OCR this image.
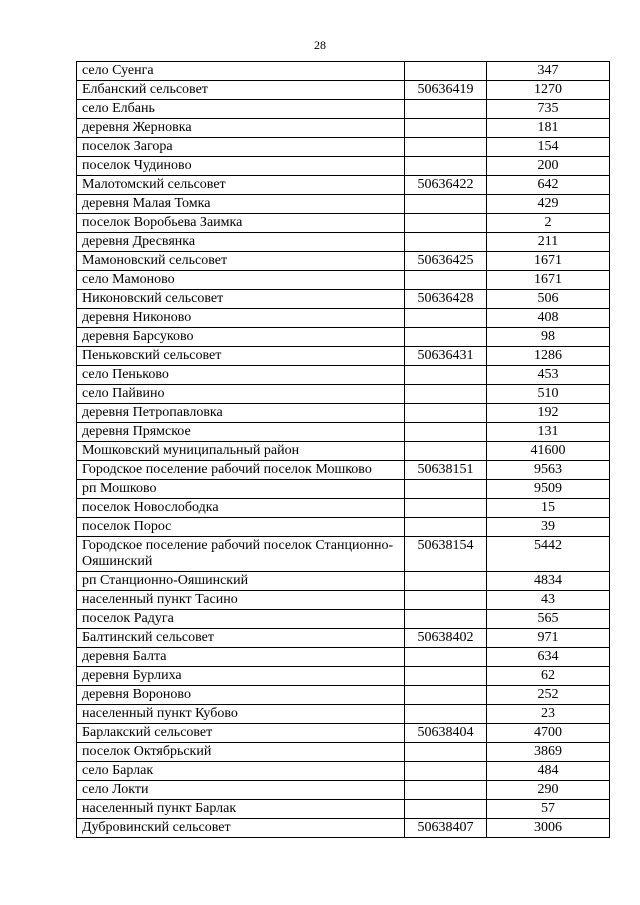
28
село Суенга		347
Елбанский сельсовет	50636419	1270
село Елбань		735
деревня Жерновка		181
поселок Загора		154
поселок Чудиново		200
Малотомский сельсовет	50636422	642
деревня Малая Томка		429
поселок Воробьева Заимка		2
деревня Дресвянка		211
Мамоновский сельсовет	50636425	1671
село Мамоново		1671
Никоновский сельсовет	50636428	506
деревня Никоново		408
деревня Барсуково		98
Пеньковский сельсовет	50636431	1286
село Пеньково		453
село Пайвино		510
деревня Петропавловка		192
деревня Прямское		131
Мошковский муниципальный район		41600
Городское поселение рабочий поселок Мошково	50638151	9563
рп Мошково		9509
поселок Новослободка		15
поселок Порос		39
Городское поселение рабочий поселок Станционно-Ояшинский	50638154	5442
рп Станционно-Ояшинский		4834
населенный пункт Тасино		43
поселок Радуга		565
Балтинский сельсовет	50638402	971
деревня Балта		634
деревня Бурлиха		62
деревня Вороново		252
населенный пункт Кубово		23
Барлакский сельсовет	50638404	4700
поселок Октябрьский		3869
село Барлак		484
село Локти		290
населенный пункт Барлак		57
Дубровинский сельсовет	50638407	3006
